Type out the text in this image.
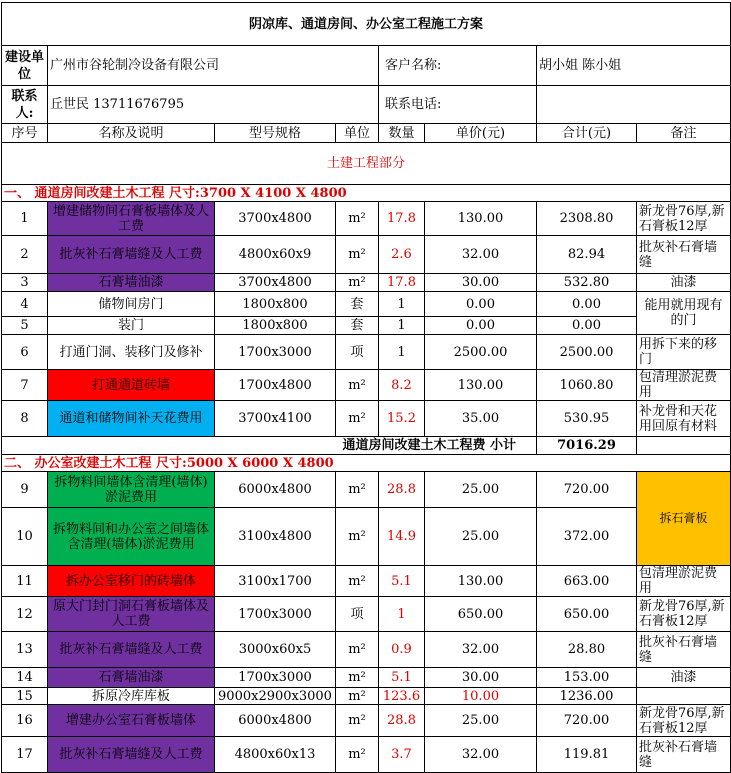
阴凉库、通道房间、办公室工程施工方案							
建设单位	广州市谷轮制冷设备有限公司			客户名称:		胡小姐 陈小姐	
联系人:	丘世民 13711676795			联系电话:			
序号	名称及说明	型号规格	单位	数量	单价(元)	合计(元)	备注
土建工程部分							
一、 通道房间改建土木工程 尺寸:3700 X 4100 X 4800							
1	增建储物间石膏板墙体及人工费	3700x4800	m²	17.8	130.00	2308.80	新龙骨76厚,新石膏板12厚
2	批灰补石膏墙缝及人工费	4800x60x9	m²	2.6	32.00	82.94	批灰补石膏墙缝
3	石膏墙油漆	3700x4800	m²	17.8	30.00	532.80	油漆
4	储物间房门	1800x800	套	1	0.00	0.00	能用就用现有的门
5	装门	1800x800	套	1	0.00	0.00	
6	打通门洞、装移门及修补	1700x3000	项	1	2500.00	2500.00	用拆下来的移门
7	打通通道砖墙	1700x4800	m²	8.2	130.00	1060.80	包清理淤泥费用
8	通道和储物间补天花费用	3700x4100	m²	15.2	35.00	530.95	补龙骨和天花用回原有材料
通道房间改建土木工程费 小计						7016.29	
二、 办公室改建土木工程 尺寸:5000 X 6000 X 4800							
9	拆物料间墙体含清理(墙体)淤泥费用	6000x4800	m²	28.8	25.00	720.00	拆石膏板
10	拆物料间和办公室之间墙体含清理(墙体)淤泥费用	3100x4800	m²	14.9	25.00	372.00	
11	拆办公室移门的砖墙体	3100x1700	m²	5.1	130.00	663.00	包清理淤泥费用
12	原大门封门洞石膏板墙体及人工费	1700x3000	项	1	650.00	650.00	新龙骨76厚,新石膏板12厚
13	批灰补石膏墙缝及人工费	3000x60x5	m²	0.9	32.00	28.80	批灰补石膏墙缝
14	石膏墙油漆	1700x3000	m²	5.1	30.00	153.00	油漆
15	拆原冷库库板	9000x2900x3000	m²	123.6	10.00	1236.00	
16	增建办公室石膏板墙体	6000x4800	m²	28.8	25.00	720.00	新龙骨76厚,新石膏板12厚
17	批灰补石膏墙缝及人工费	4800x60x13	m²	3.7	32.00	119.81	批灰补石膏墙缝
